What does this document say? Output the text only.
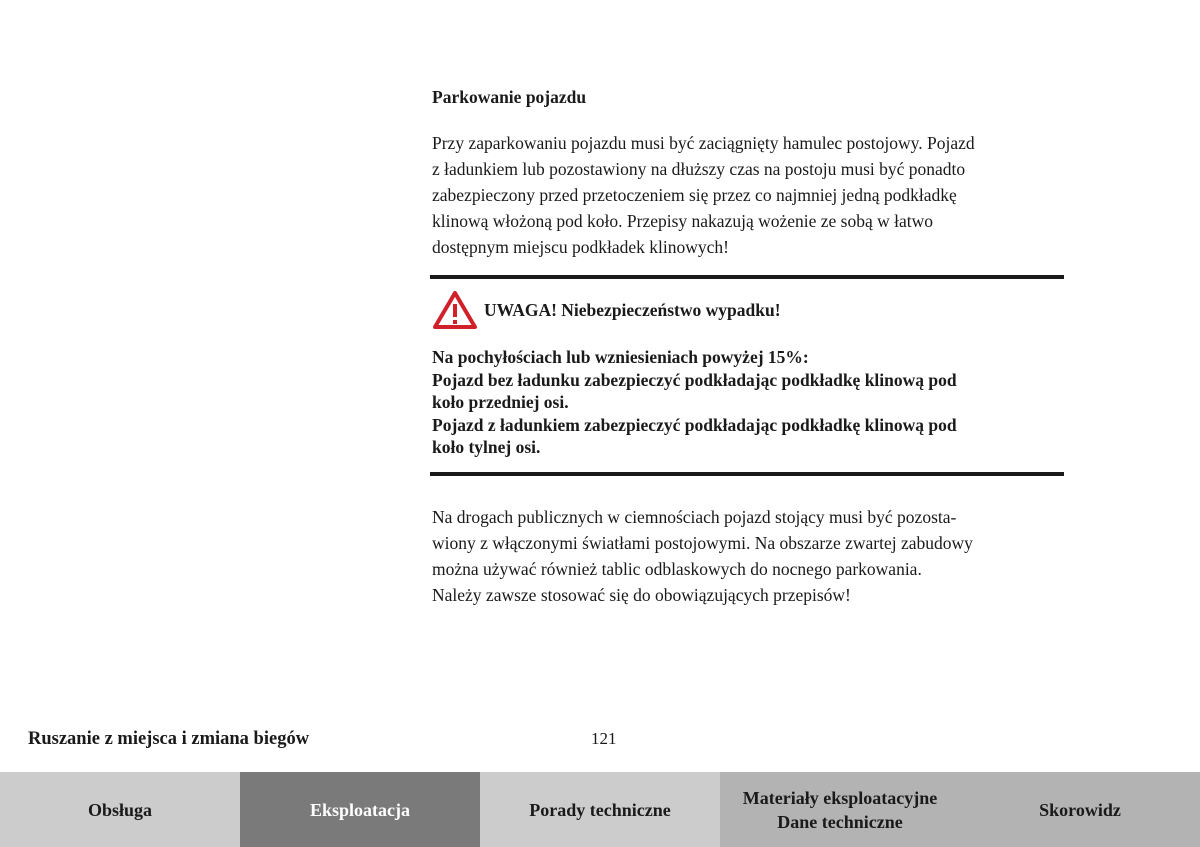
Parkowanie pojazdu

Przy zaparkowaniu pojazdu musi być zaciągnięty hamulec postojowy. Pojazd
z ładunkiem lub pozostawiony na dłuższy czas na postoju musi być ponadto
zabezpieczony przed przetoczeniem się przez co najmniej jedną podkładkę
klinową włożoną pod koło. Przepisy nakazują wożenie ze sobą w łatwo
dostępnym miejscu podkładek klinowych!
Na drogach publicznych w ciemnościach pojazd stojący musi być pozosta-
wiony z włączonymi światłami postojowymi. Na obszarze zwartej zabudowy
można używać również tablic odblaskowych do nocnego parkowania.
Należy zawsze stosować się do obowiązujących przepisów!
UWAGA! Niebezpieczeństwo wypadku!

Na pochyłościach lub wzniesieniach powyżej 15%:

Pojazd bez ładunku zabezpieczyć podkładając podkładkę klinową pod

koło przedniej osi.

Pojazd z ładunkiem zabezpieczyć podkładając podkładkę klinową pod

koło tylnej osi.

Ruszanie z miejsca i zmiana biegów	121
Obsługa	Eksploatacja	Porady techniczne
Materiały eksploatacyjne
Dane techniczne
Skorowidz
